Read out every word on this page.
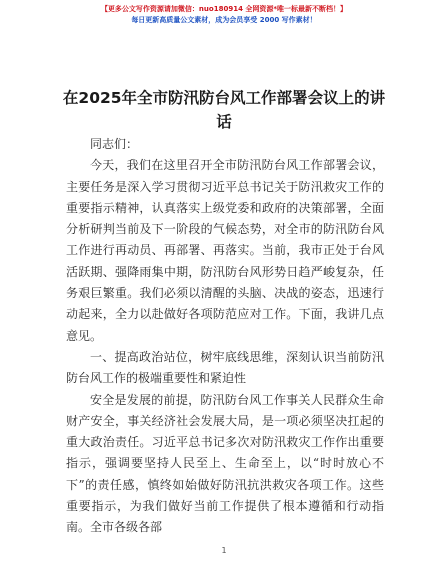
【更多公文写作资源请加微信：nuo180914 全网资源*唯一标最新不断档！】
每日更新高质量公文素材，成为会员享受 2000 写作素材！
在2025年全市防汛防台风工作部署会议上的讲话

同志们：

今天，我们在这里召开全市防汛防台风工作部署会议，主要任务是深入学习贯彻习近平总书记关于防汛救灾工作的重要指示精神，认真落实上级党委和政府的决策部署，全面分析研判当前及下一阶段的气候态势，对全市的防汛防台风工作进行再动员、再部署、再落实。当前，我市正处于台风活跃期、强降雨集中期，防汛防台风形势日趋严峻复杂，任务艰巨繁重。我们必须以清醒的头脑、决战的姿态，迅速行动起来，全力以赴做好各项防范应对工作。下面，我讲几点意见。

一、提高政治站位，树牢底线思维，深刻认识当前防汛防台风工作的极端重要性和紧迫性

安全是发展的前提，防汛防台风工作事关人民群众生命财产安全，事关经济社会发展大局，是一项必须坚决扛起的重大政治责任。习近平总书记多次对防汛救灾工作作出重要指示，强调要坚持人民至上、生命至上，以“时时放心不下”的责任感，慎终如始做好防汛抗洪救灾各项工作。这些重要指示，为我们做好当前工作提供了根本遵循和行动指南。全市各级各部

1
